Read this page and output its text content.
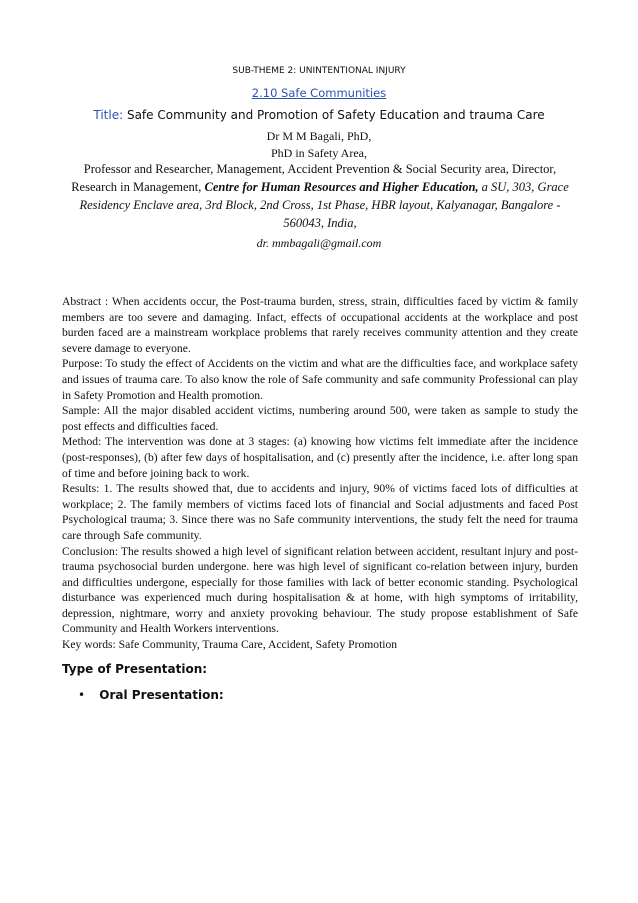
SUB-THEME 2: UNINTENTIONAL INJURY
2.10 Safe Communities
Title: Safe Community and Promotion of Safety Education and trauma Care
Dr M M Bagali, PhD,
PhD in Safety Area,
Professor and Researcher, Management, Accident Prevention & Social Security area, Director, Research in Management, Centre for Human Resources and Higher Education, a SU, 303, Grace Residency Enclave area, 3rd Block, 2nd Cross, 1st Phase, HBR layout, Kalyanagar, Bangalore - 560043, India,
dr. mmbagali@gmail.com

Abstract : When accidents occur, the Post-trauma burden, stress, strain, difficulties faced by victim & family members are too severe and damaging. Infact, effects of occupational accidents at the workplace and post burden faced are a mainstream workplace problems that rarely receives community attention and they create severe damage to everyone.

Purpose: To study the effect of Accidents on the victim and what are the difficulties face, and workplace safety and issues of trauma care. To also know the role of Safe community and safe community Professional can play in Safety Promotion and Health promotion.

Sample: All the major disabled accident victims, numbering around 500, were taken as sample to study the post effects and difficulties faced.

Method: The intervention was done at 3 stages: (a) knowing how victims felt immediate after the incidence (post-responses), (b) after few days of hospitalisation, and (c) presently after the incidence, i.e. after long span of time and before joining back to work.

Results: 1. The results showed that, due to accidents and injury, 90% of victims faced lots of difficulties at workplace; 2. The family members of victims faced lots of financial and Social adjustments and faced Post Psychological trauma; 3. Since there was no Safe community interventions, the study felt the need for trauma care through Safe community.

Conclusion: The results showed a high level of significant relation between accident, resultant injury and post- trauma psychosocial burden undergone. here was high level of significant co-relation between injury, burden and difficulties undergone, especially for those families with lack of better economic standing. Psychological disturbance was experienced much during hospitalisation & at home, with high symptoms of irritability, depression, nightmare, worry and anxiety provoking behaviour. The study propose establishment of Safe Community and Health Workers interventions.

Key words: Safe Community, Trauma Care, Accident, Safety Promotion

Type of Presentation:
• Oral Presentation:
